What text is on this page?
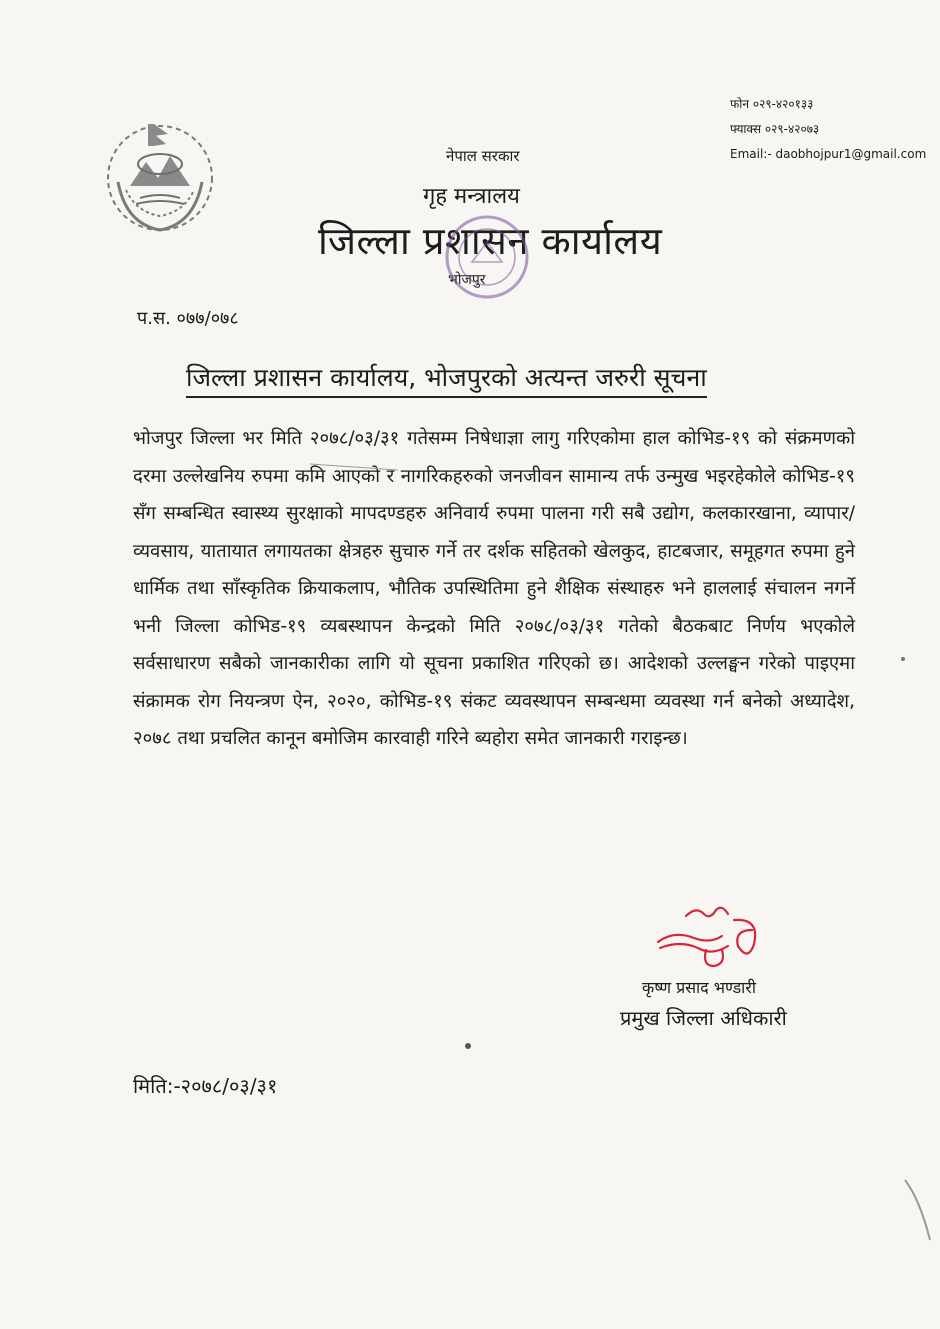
फोन ०२९-४२०१३३
फ्याक्स ०२९-४२०७३
Email:- daobhojpur1@gmail.com
नेपाल सरकार
गृह मन्त्रालय
जिल्ला प्रशासन कार्यालय
भोजपुर
प.स. ०७७/०७८
जिल्ला प्रशासन कार्यालय, भोजपुरको अत्यन्त जरुरी सूचना
भोजपुर जिल्ला भर मिति २०७८/०३/३१ गतेसम्म निषेधाज्ञा लागु गरिएकोमा हाल कोभिड-१९ को संक्रमणको दरमा उल्लेखनिय रुपमा कमि आएको र नागरिकहरुको जनजीवन सामान्य तर्फ उन्मुख भइरहेकोले कोभिड-१९ सँग सम्बन्धित स्वास्थ्य सुरक्षाको मापदण्डहरु अनिवार्य रुपमा पालना गरी सबै उद्योग, कलकारखाना, व्यापार/व्यवसाय, यातायात लगायतका क्षेत्रहरु सुचारु गर्ने तर दर्शक सहितको खेलकुद, हाटबजार, समूहगत रुपमा हुने धार्मिक तथा साँस्कृतिक क्रियाकलाप, भौतिक उपस्थितिमा हुने शैक्षिक संस्थाहरु भने हाललाई संचालन नगर्ने भनी जिल्ला कोभिड-१९ व्यबस्थापन केन्द्रको मिति २०७८/०३/३१ गतेको बैठकबाट निर्णय भएकोले सर्वसाधारण सबैको जानकारीका लागि यो सूचना प्रकाशित गरिएको छ। आदेशको उल्लङ्घन गरेको पाइएमा संक्रामक रोग नियन्त्रण ऐन, २०२०, कोभिड-१९ संकट व्यवस्थापन सम्बन्धमा व्यवस्था गर्न बनेको अध्यादेश, २०७८ तथा प्रचलित कानून बमोजिम कारवाही गरिने ब्यहोरा समेत जानकारी गराइन्छ।
कृष्ण प्रसाद भण्डारी
प्रमुख जिल्ला अधिकारी
मिति:-२०७८/०३/३१
